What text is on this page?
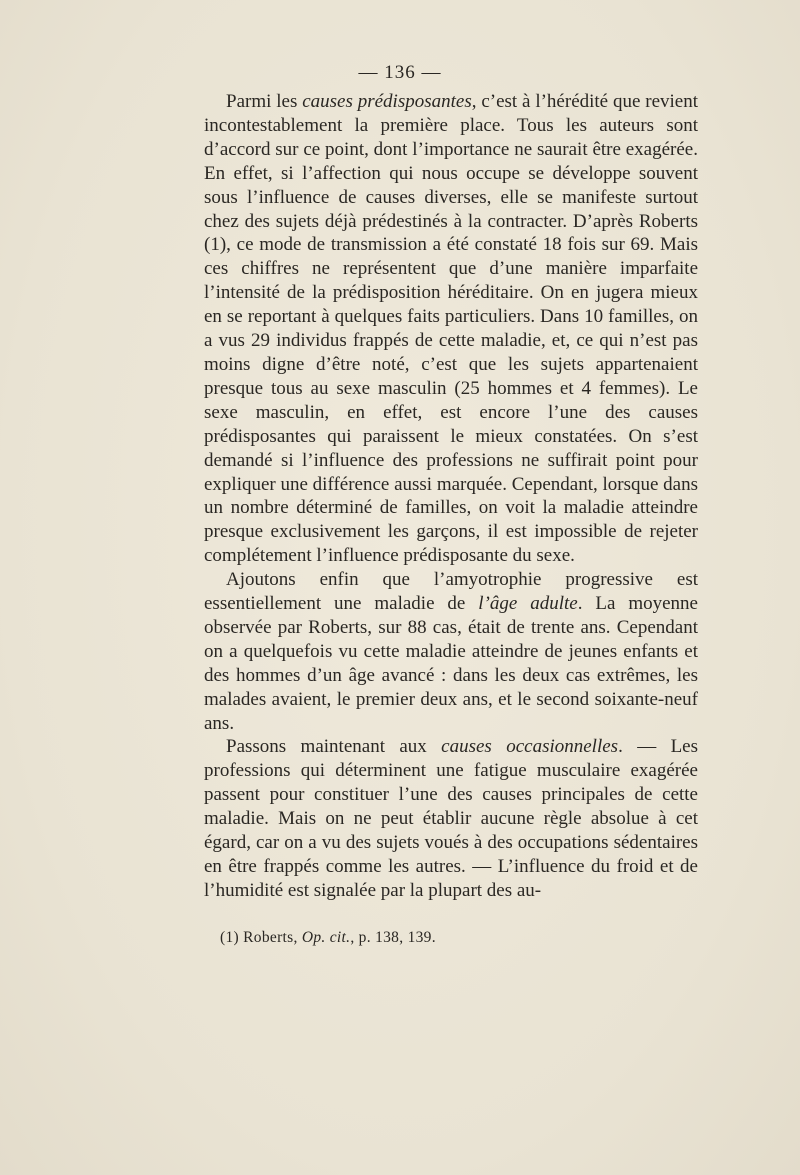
— 136 —

Parmi les causes prédisposantes, c’est à l’hérédité que revient incontestablement la première place. Tous les auteurs sont d’accord sur ce point, dont l’importance ne saurait être exagérée. En effet, si l’affection qui nous occupe se développe souvent sous l’influence de causes diverses, elle se manifeste surtout chez des sujets déjà prédestinés à la contracter. D’après Roberts (1), ce mode de transmission a été constaté 18 fois sur 69. Mais ces chiffres ne représentent que d’une manière imparfaite l’intensité de la prédisposition héréditaire. On en jugera mieux en se reportant à quelques faits particuliers. Dans 10 familles, on a vus 29 individus frappés de cette maladie, et, ce qui n’est pas moins digne d’être noté, c’est que les sujets appartenaient presque tous au sexe masculin (25 hommes et 4 femmes). Le sexe masculin, en effet, est encore l’une des causes prédisposantes qui paraissent le mieux constatées. On s’est demandé si l’influence des professions ne suffirait point pour expliquer une différence aussi marquée. Cependant, lorsque dans un nombre déterminé de familles, on voit la maladie atteindre presque exclusivement les garçons, il est impossible de rejeter complétement l’influence prédisposante du sexe.

Ajoutons enfin que l’amyotrophie progressive est essentiellement une maladie de l’âge adulte. La moyenne observée par Roberts, sur 88 cas, était de trente ans. Cependant on a quelquefois vu cette maladie atteindre de jeunes enfants et des hommes d’un âge avancé : dans les deux cas extrêmes, les malades avaient, le premier deux ans, et le second soixante-neuf ans.

Passons maintenant aux causes occasionnelles. — Les professions qui déterminent une fatigue musculaire exagérée passent pour constituer l’une des causes principales de cette maladie. Mais on ne peut établir aucune règle absolue à cet égard, car on a vu des sujets voués à des occupations sédentaires en être frappés comme les autres. — L’influence du froid et de l’humidité est signalée par la plupart des au-

(1) Roberts, Op. cit., p. 138, 139.
